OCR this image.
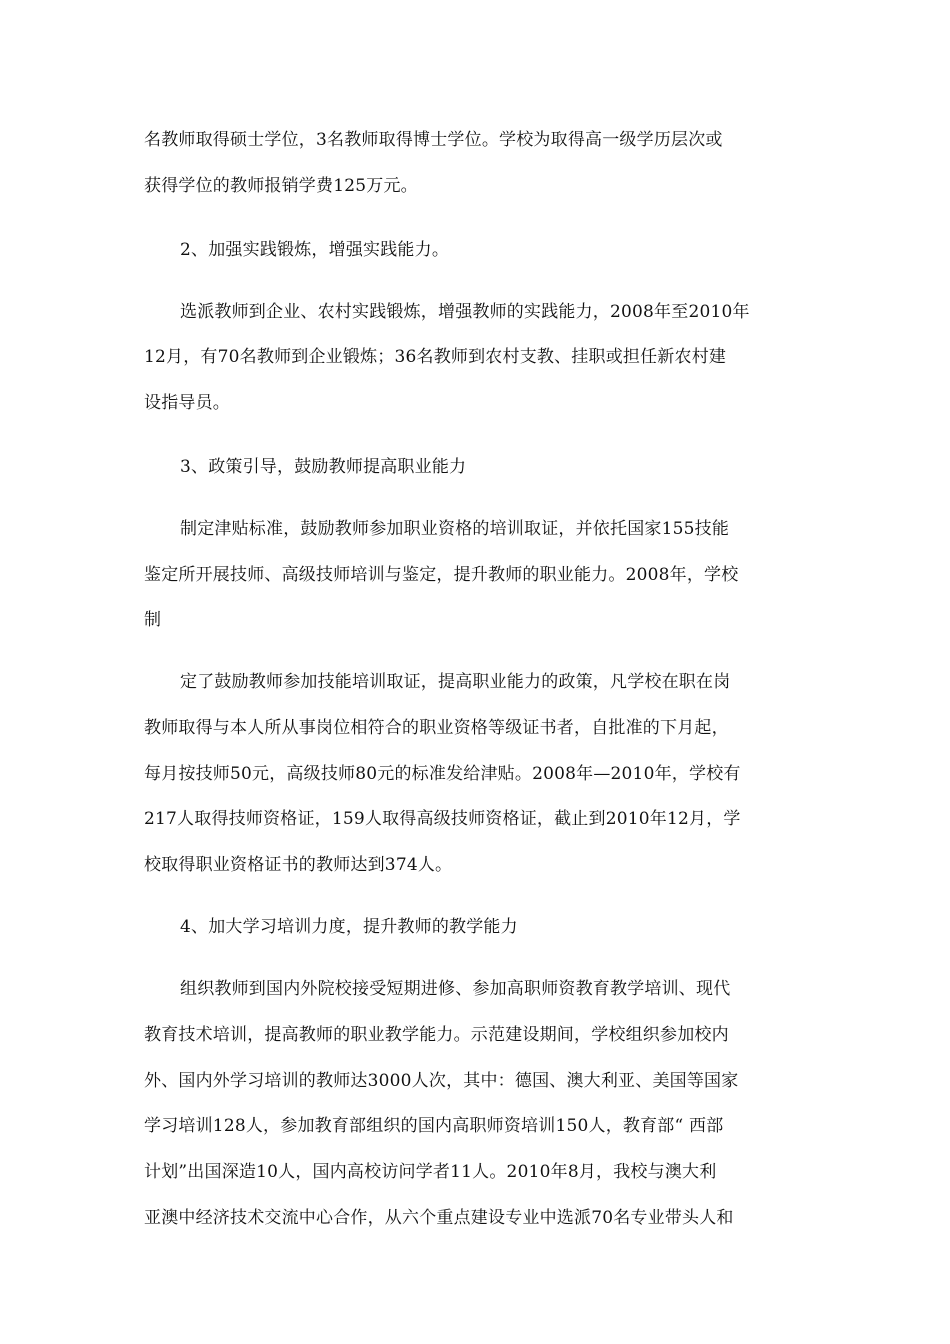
名教师取得硕士学位，3名教师取得博士学位。学校为取得高一级学历层次或
获得学位的教师报销学费125万元。
2、加强实践锻炼，增强实践能力。
选派教师到企业、农村实践锻炼，增强教师的实践能力，2008年至2010年
12月，有70名教师到企业锻炼；36名教师到农村支教、挂职或担任新农村建
设指导员。
3、政策引导，鼓励教师提高职业能力
制定津贴标准，鼓励教师参加职业资格的培训取证，并依托国家155技能
鉴定所开展技师、高级技师培训与鉴定，提升教师的职业能力。2008年，学校
制
定了鼓励教师参加技能培训取证，提高职业能力的政策，凡学校在职在岗
教师取得与本人所从事岗位相符合的职业资格等级证书者，自批准的下月起，
每月按技师50元，高级技师80元的标准发给津贴。2008年—2010年，学校有
217人取得技师资格证，159人取得高级技师资格证，截止到2010年12月，学
校取得职业资格证书的教师达到374人。
4、加大学习培训力度，提升教师的教学能力
组织教师到国内外院校接受短期进修、参加高职师资教育教学培训、现代
教育技术培训，提高教师的职业教学能力。示范建设期间，学校组织参加校内
外、国内外学习培训的教师达3000人次，其中：德国、澳大利亚、美国等国家
学习培训128人，参加教育部组织的国内高职师资培训150人，教育部“ 西部
计划”出国深造10人，国内高校访问学者11人。2010年8月，我校与澳大利
亚澳中经济技术交流中心合作，从六个重点建设专业中选派70名专业带头人和
